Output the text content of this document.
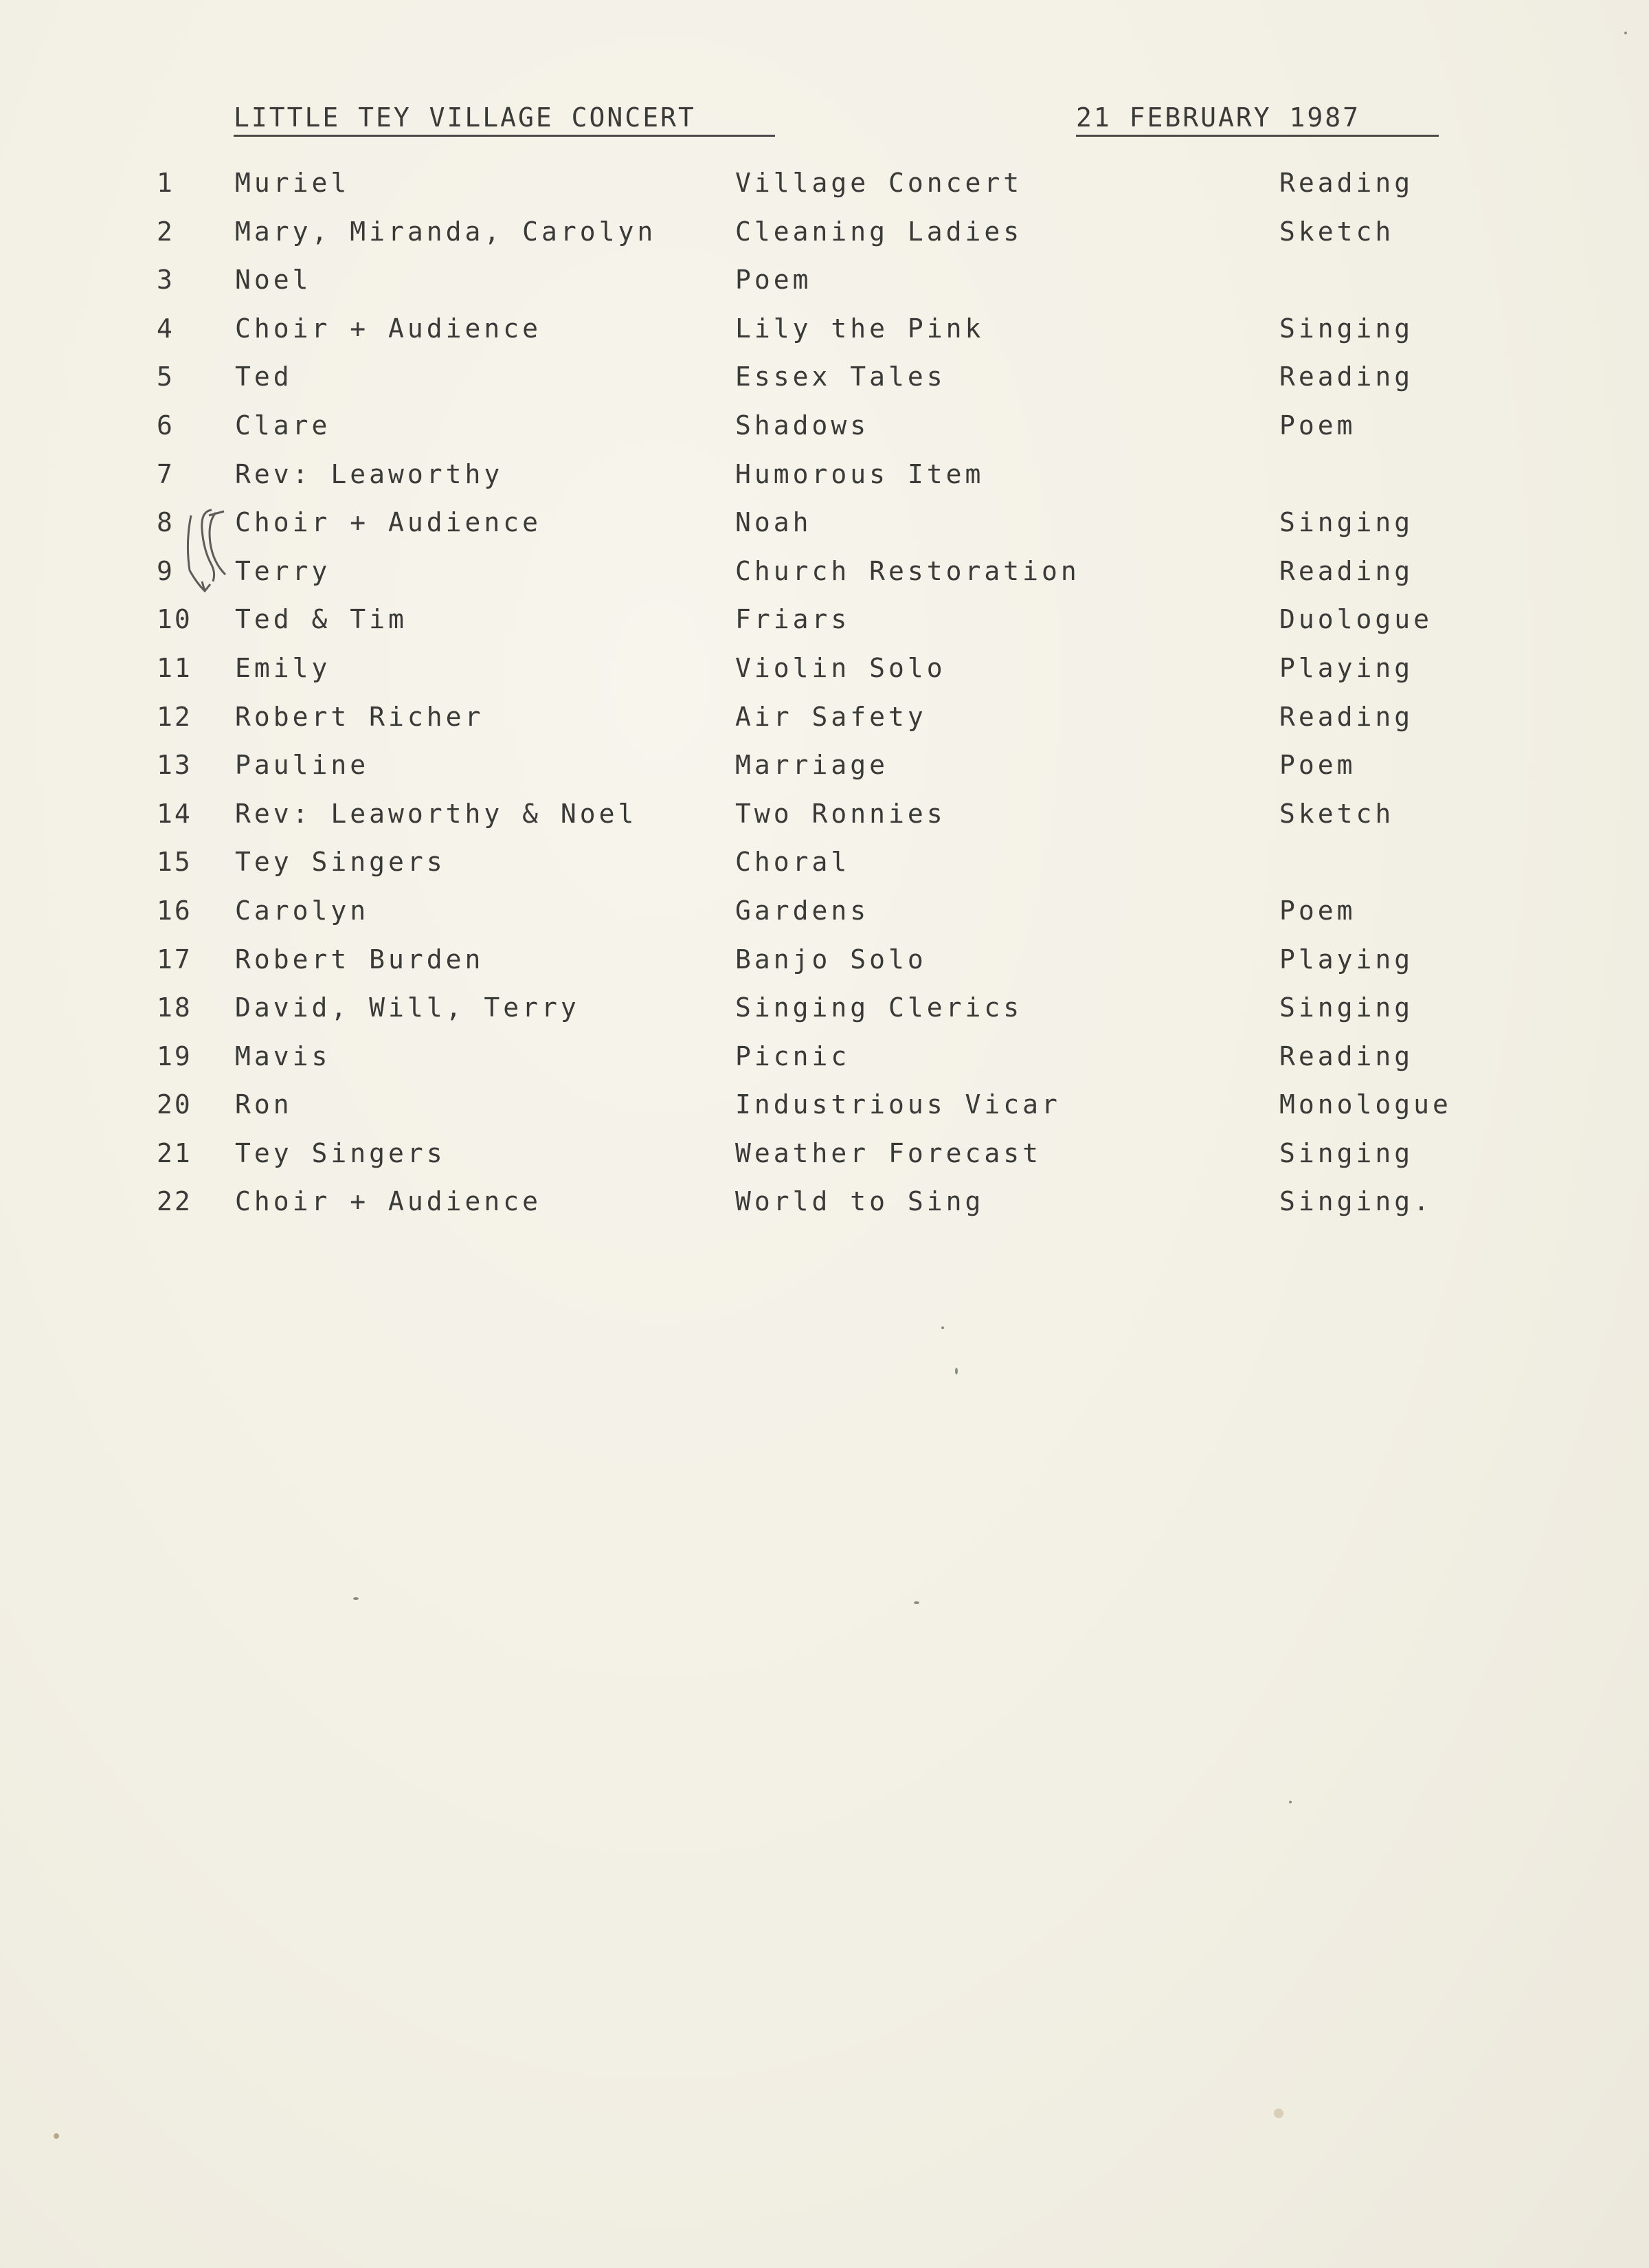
LITTLE TEY VILLAGE CONCERT	21 FEBRUARY 1987
1 Muriel	Village Concert	Reading
2 Mary, Miranda, Carolyn	Cleaning Ladies	Sketch
3 Noel	Poem
4 Choir + Audience	Lily the Pink	Singing
5 Ted	Essex Tales	Reading
6 Clare	Shadows	Poem
7 Rev: Leaworthy	Humorous Item
8 Choir + Audience	Noah	Singing
9 Terry	Church Restoration	Reading
10 Ted & Tim	Friars	Duologue
11 Emily	Violin Solo	Playing
12 Robert Richer	Air Safety	Reading
13 Pauline	Marriage	Poem
14 Rev: Leaworthy & Noel	Two Ronnies	Sketch
15 Tey Singers	Choral
16 Carolyn	Gardens	Poem
17 Robert Burden	Banjo Solo	Playing
18 David, Will, Terry	Singing Clerics	Singing
19 Mavis	Picnic	Reading
20 Ron	Industrious Vicar	Monologue
21 Tey Singers	Weather Forecast	Singing
22 Choir + Audience	World to Sing	Singing.
